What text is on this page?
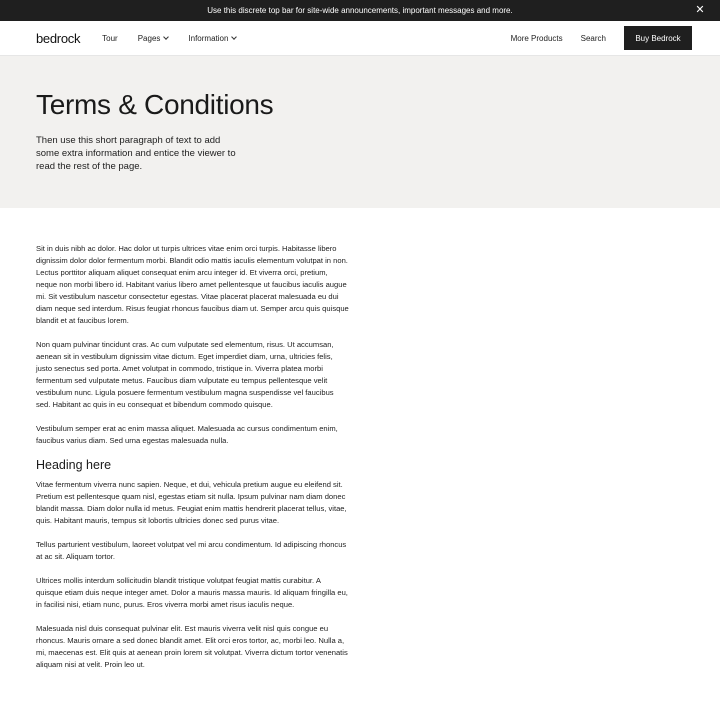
Use this discrete top bar for site-wide announcements, important messages and more.	✕
bedrock	Tour	Pages	Information	More Products Search	Buy Bedrock
Terms & Conditions

Then use this short paragraph of text to add some extra information and entice the viewer to read the rest of the page.

Sit in duis nibh ac dolor. Hac dolor ut turpis ultrices vitae enim orci turpis. Habitasse libero dignissim dolor dolor fermentum morbi. Blandit odio mattis iaculis elementum volutpat in non. Lectus porttitor aliquam aliquet consequat enim arcu integer id. Et viverra orci, pretium, neque non morbi libero id. Habitant varius libero amet pellentesque ut faucibus iaculis augue mi. Sit vestibulum nascetur consectetur egestas. Vitae placerat placerat malesuada eu dui diam neque sed interdum. Risus feugiat rhoncus faucibus diam ut. Semper arcu quis quisque blandit et at faucibus lorem.

Non quam pulvinar tincidunt cras. Ac cum vulputate sed elementum, risus. Ut accumsan, aenean sit in vestibulum dignissim vitae dictum. Eget imperdiet diam, urna, ultricies felis, justo senectus sed porta. Amet volutpat in commodo, tristique in. Viverra platea morbi fermentum sed vulputate metus. Faucibus diam vulputate eu tempus pellentesque velit vestibulum nunc. Ligula posuere fermentum vestibulum magna suspendisse vel faucibus sed. Habitant ac quis in eu consequat et bibendum commodo quisque.

Vestibulum semper erat ac enim massa aliquet. Malesuada ac cursus condimentum enim, faucibus varius diam. Sed urna egestas malesuada nulla.

Heading here

Vitae fermentum viverra nunc sapien. Neque, et dui, vehicula pretium augue eu eleifend sit. Pretium est pellentesque quam nisl, egestas etiam sit nulla. Ipsum pulvinar nam diam donec blandit massa. Diam dolor nulla id metus. Feugiat enim mattis hendrerit placerat tellus, vitae, quis. Habitant mauris, tempus sit lobortis ultricies donec sed purus vitae.

Tellus parturient vestibulum, laoreet volutpat vel mi arcu condimentum. Id adipiscing rhoncus at ac sit. Aliquam tortor.

Ultrices mollis interdum sollicitudin blandit tristique volutpat feugiat mattis curabitur. A quisque etiam duis neque integer amet. Dolor a mauris massa mauris. Id aliquam fringilla eu, in facilisi nisi, etiam nunc, purus. Eros viverra morbi amet risus iaculis neque.

Malesuada nisl duis consequat pulvinar elit. Est mauris viverra velit nisl quis congue eu rhoncus. Mauris ornare a sed donec blandit amet. Elit orci eros tortor, ac, morbi leo. Nulla a, mi, maecenas est. Elit quis at aenean proin lorem sit volutpat. Viverra dictum tortor venenatis aliquam nisi at velit. Proin leo ut.
